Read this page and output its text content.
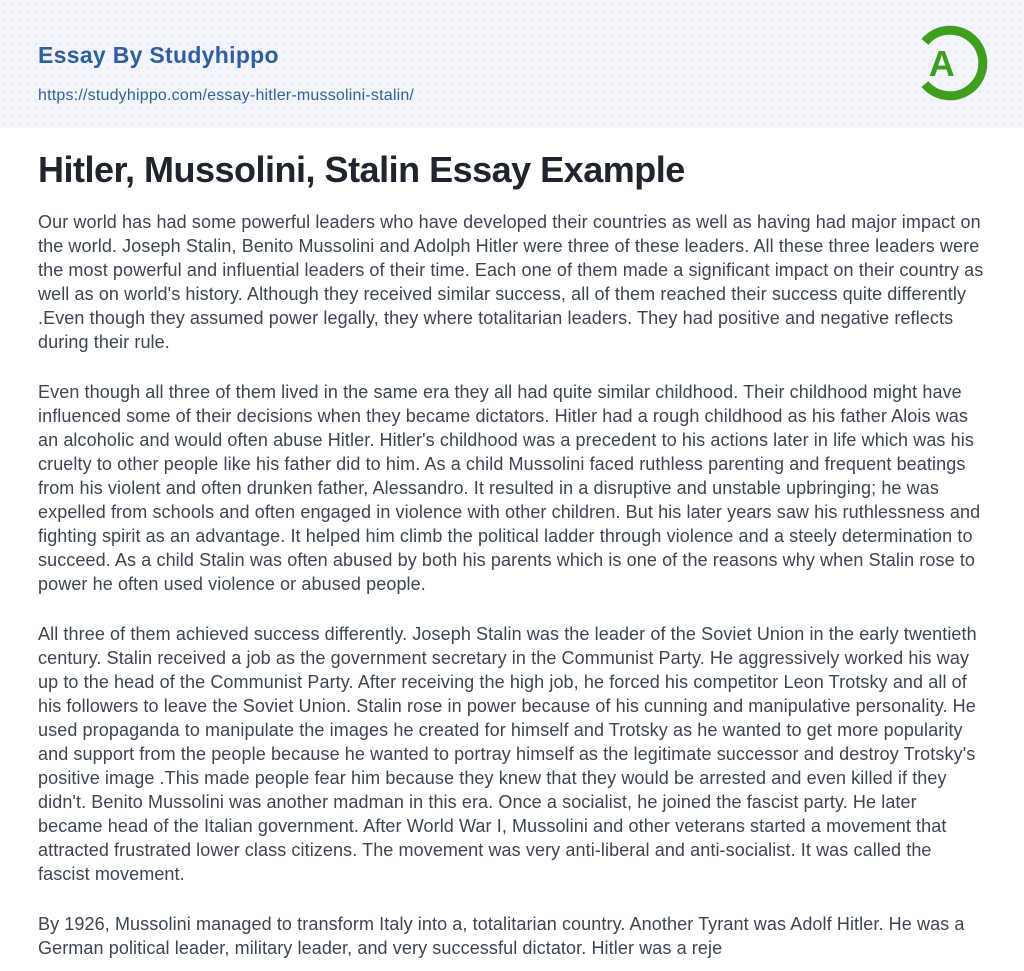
Essay By Studyhippo
https://studyhippo.com/essay-hitler-mussolini-stalin/
A
Hitler, Mussolini, Stalin Essay Example

Our world has had some powerful leaders who have developed their countries as well as having had major impact on the world. Joseph Stalin, Benito Mussolini and Adolph Hitler were three of these leaders. All these three leaders were the most powerful and influential leaders of their time. Each one of them made a significant impact on their country as well as on world's history. Although they received similar success, all of them reached their success quite differently .Even though they assumed power legally, they where totalitarian leaders. They had positive and negative reflects during their rule.

Even though all three of them lived in the same era they all had quite similar childhood. Their childhood might have influenced some of their decisions when they became dictators. Hitler had a rough childhood as his father Alois was an alcoholic and would often abuse Hitler. Hitler's childhood was a precedent to his actions later in life which was his cruelty to other people like his father did to him. As a child Mussolini faced ruthless parenting and frequent beatings from his violent and often drunken father, Alessandro. It resulted in a disruptive and unstable upbringing; he was expelled from schools and often engaged in violence with other children. But his later years saw his ruthlessness and fighting spirit as an advantage. It helped him climb the political ladder through violence and a steely determination to succeed. As a child Stalin was often abused by both his parents which is one of the reasons why when Stalin rose to power he often used violence or abused people.

All three of them achieved success differently. Joseph Stalin was the leader of the Soviet Union in the early twentieth century. Stalin received a job as the government secretary in the Communist Party. He aggressively worked his way up to the head of the Communist Party. After receiving the high job, he forced his competitor Leon Trotsky and all of his followers to leave the Soviet Union. Stalin rose in power because of his cunning and manipulative personality. He used propaganda to manipulate the images he created for himself and Trotsky as he wanted to get more popularity and support from the people because he wanted to portray himself as the legitimate successor and destroy Trotsky's positive image .This made people fear him because they knew that they would be arrested and even killed if they didn't. Benito Mussolini was another madman in this era. Once a socialist, he joined the fascist party. He later became head of the Italian government. After World War I, Mussolini and other veterans started a movement that attracted frustrated lower class citizens. The movement was very anti-liberal and anti-socialist. It was called the fascist movement.

By 1926, Mussolini managed to transform Italy into a, totalitarian country. Another Tyrant was Adolf Hitler. He was a German political leader, military leader, and very successful dictator. Hitler was a reje
